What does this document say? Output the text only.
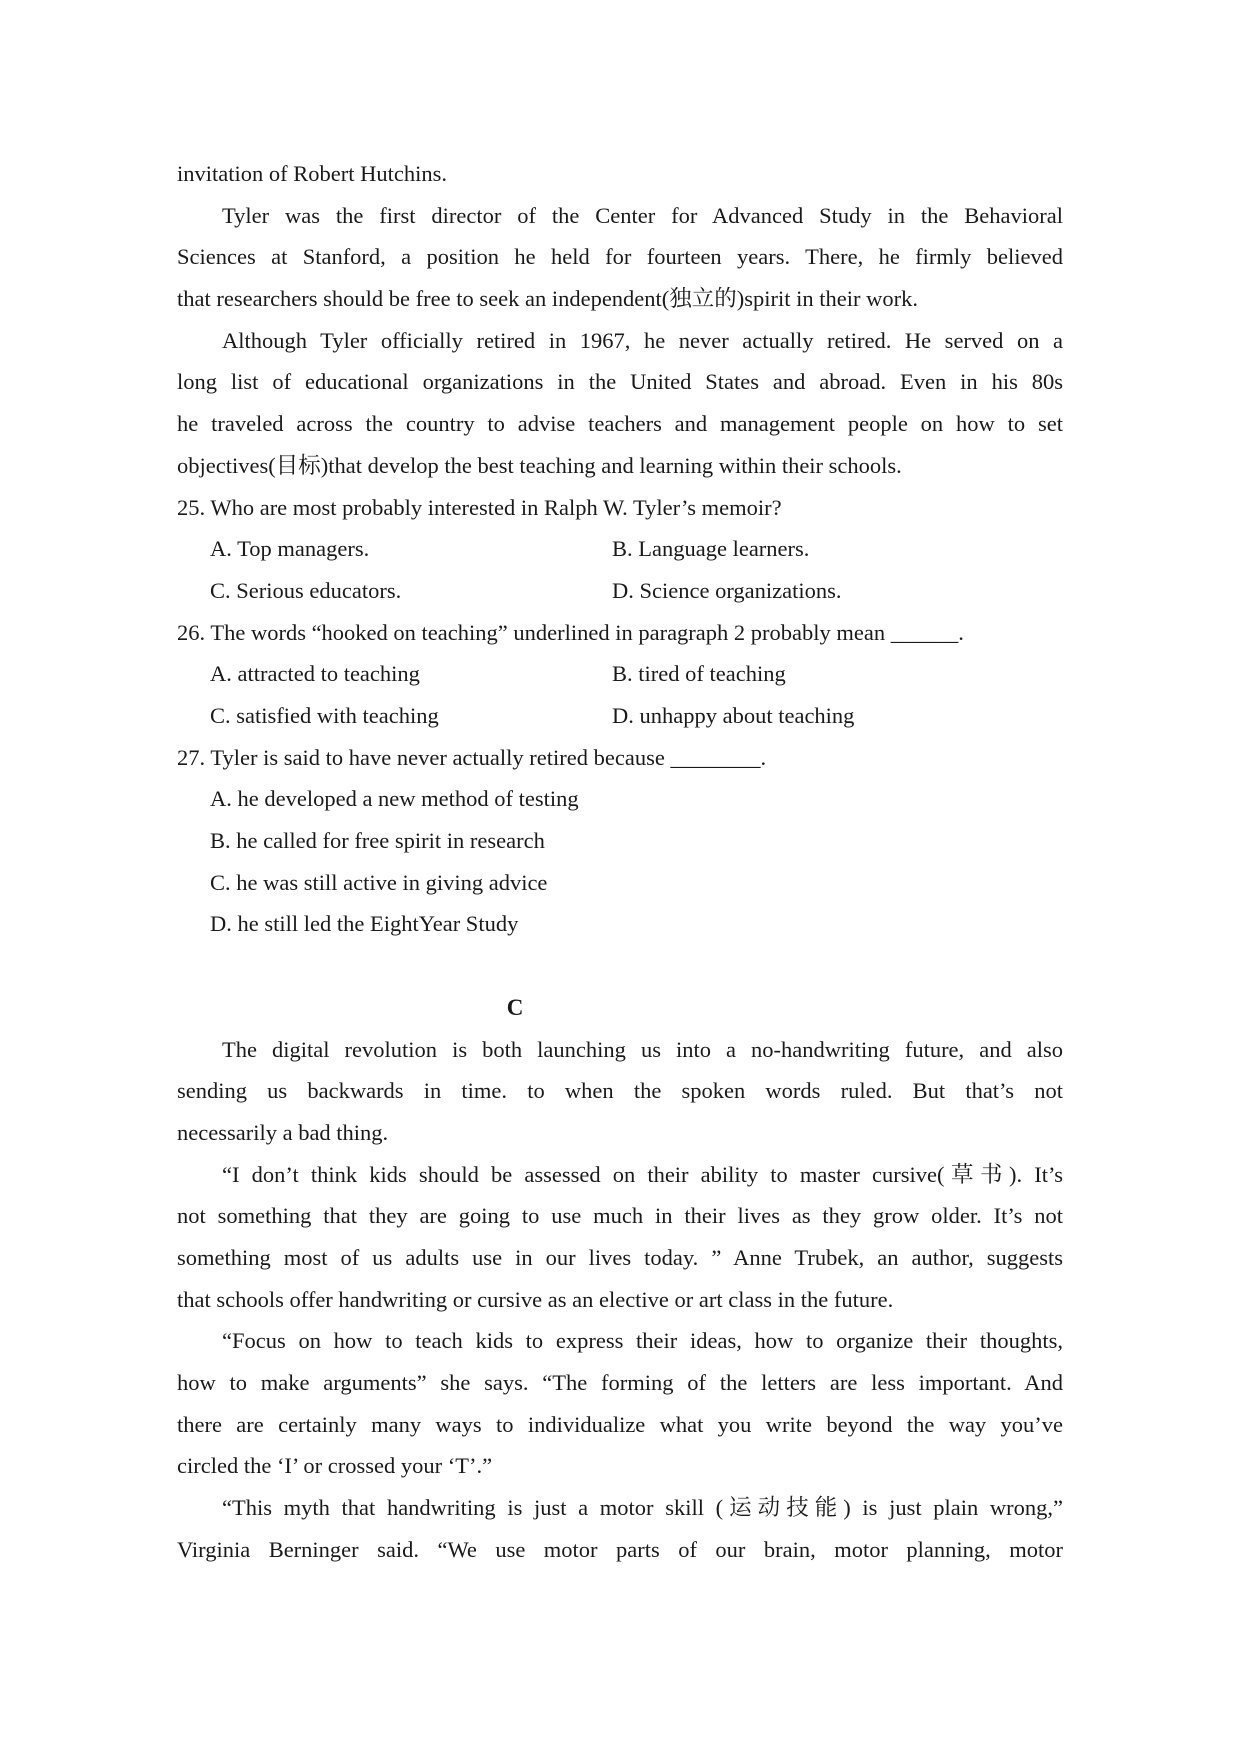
invitation of Robert Hutchins.
Tyler was the first director of the Center for Advanced Study in the Behavioral
Sciences at Stanford, a position he held for fourteen years. There, he firmly believed
that researchers should be free to seek an independent(独立的)spirit in their work.
Although Tyler officially retired in 1967, he never actually retired. He served on a
long list of educational organizations in the United States and abroad. Even in his 80s
he traveled across the country to advise teachers and management people on how to set
objectives(目标)that develop the best teaching and learning within their schools.
25. Who are most probably interested in Ralph W. Tyler’s memoir?
A. Top managers.	B. Language learners.
C. Serious educators.	D. Science organizations.
26. The words “hooked on teaching” underlined in paragraph 2 probably mean ______.
A. attracted to teaching	B. tired of teaching
C. satisfied with teaching	D. unhappy about teaching
27. Tyler is said to have never actually retired because ________.
A. he developed a new method of testing
B. he called for free spirit in research
C. he was still active in giving advice
D. he still led the EightYear Study
C
The digital revolution is both launching us into a no-handwriting future, and also
sending us backwards in time. to when the spoken words ruled. But that’s not
necessarily a bad thing.
“I don’t think kids should be assessed on their ability to master cursive(草书). It’s
not something that they are going to use much in their lives as they grow older. It’s not
something most of us adults use in our lives today. ” Anne Trubek, an author, suggests
that schools offer handwriting or cursive as an elective or art class in the future.
“Focus on how to teach kids to express their ideas, how to organize their thoughts,
how to make arguments” she says. “The forming of the letters are less important. And
there are certainly many ways to individualize what you write beyond the way you’ve
circled the ‘I’ or crossed your ‘T’.”
“This myth that handwriting is just a motor skill (运动技能) is just plain wrong,”
Virginia Berninger said. “We use motor parts of our brain, motor planning, motor
